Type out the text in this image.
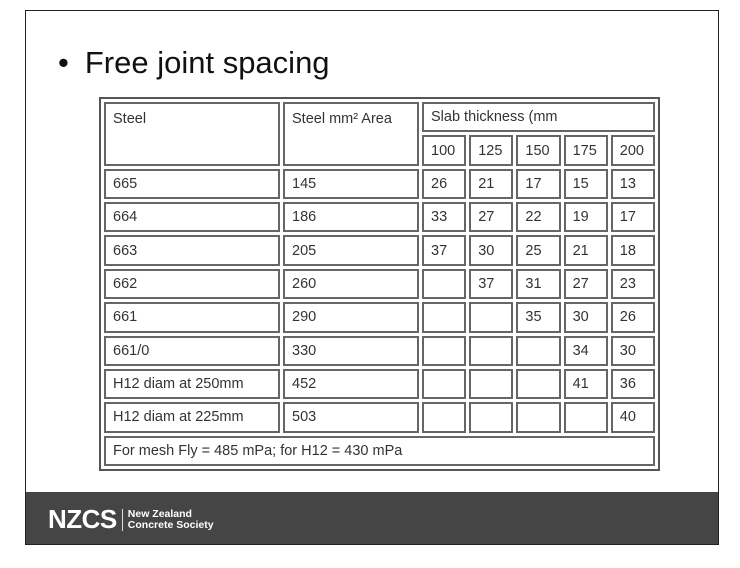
• Free joint spacing
Steel	Steel mm² Area	Slab thickness (mm				
		100	125	150	175	200
665	145	26	21	17	15	13
664	186	33	27	22	19	17
663	205	37	30	25	21	18
662	260		37	31	27	23
661	290			35	30	26
661/0	330				34	30
H12 diam at 250mm	452				41	36
H12 diam at 225mm	503					40
For mesh Fly = 485 mPa; for H12 = 430 mPa						
NZCS New Zealand
Concrete Society
